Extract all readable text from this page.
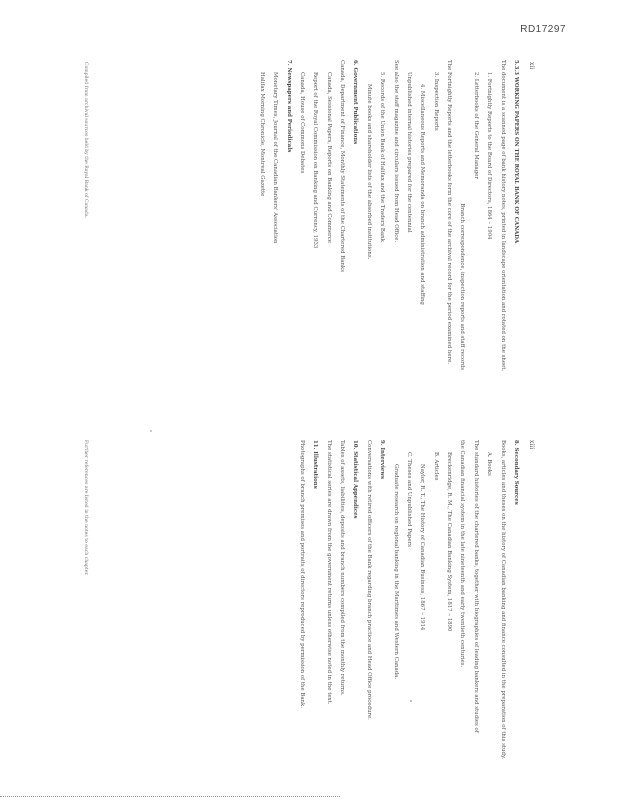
RD17297
xii
xiii

5.3.3 WORKING PAPERS ON THE ROYAL BANK OF CANADA

The document is a scanned page of bank history notes, printed in landscape orientation and rotated on the sheet.

1. Fortnightly Reports to the Board of Directors, 1864 – 1904

2. Letterbooks of the General Manager

Branch correspondence, inspection reports and staff records

The Fortnightly Reports and the letterbooks form the core of the archival record for the period examined here.

3. Inspection Reports

4. Miscellaneous Reports and Memoranda on branch administration and staffing

Unpublished internal histories prepared for the centennial

See also the staff magazine and circulars issued from Head Office.

5. Records of the Union Bank of Halifax and the Traders Bank

Minute books and shareholder lists of the absorbed institutions.

6. Government Publications

Canada, Department of Finance, Monthly Statements of the Chartered Banks

Canada, Sessional Papers, Reports on Banking and Commerce

Report of the Royal Commission on Banking and Currency, 1933

Canada, House of Commons Debates

7. Newspapers and Periodicals

Monetary Times, Journal of the Canadian Bankers' Association

Halifax Morning Chronicle, Montreal Gazette

8. Secondary Sources

Books, articles and theses on the history of Canadian banking and finance consulted in the preparation of this study.

A. Books

The standard histories of the chartered banks, together with biographies of leading bankers and studies of

the Canadian financial system in the late nineteenth and early twentieth centuries.

Breckenridge, R. M., The Canadian Banking System, 1817 – 1890

B. Articles

Naylor, R. T., The History of Canadian Business, 1867 – 1914

C. Theses and Unpublished Papers

Graduate research on regional banking in the Maritimes and Western Canada.

9. Interviews

Conversations with retired officers of the Bank regarding branch practice and Head Office procedure.

10. Statistical Appendices

Tables of assets, liabilities, deposits and branch numbers compiled from the monthly returns.

The statistical series are drawn from the government returns unless otherwise noted in the text.

11. Illustrations

Photographs of branch premises and portraits of directors reproduced by permission of the Bank.

Compiled from archival sources held by the Royal Bank of Canada.
Further references are listed in the notes to each chapter.
